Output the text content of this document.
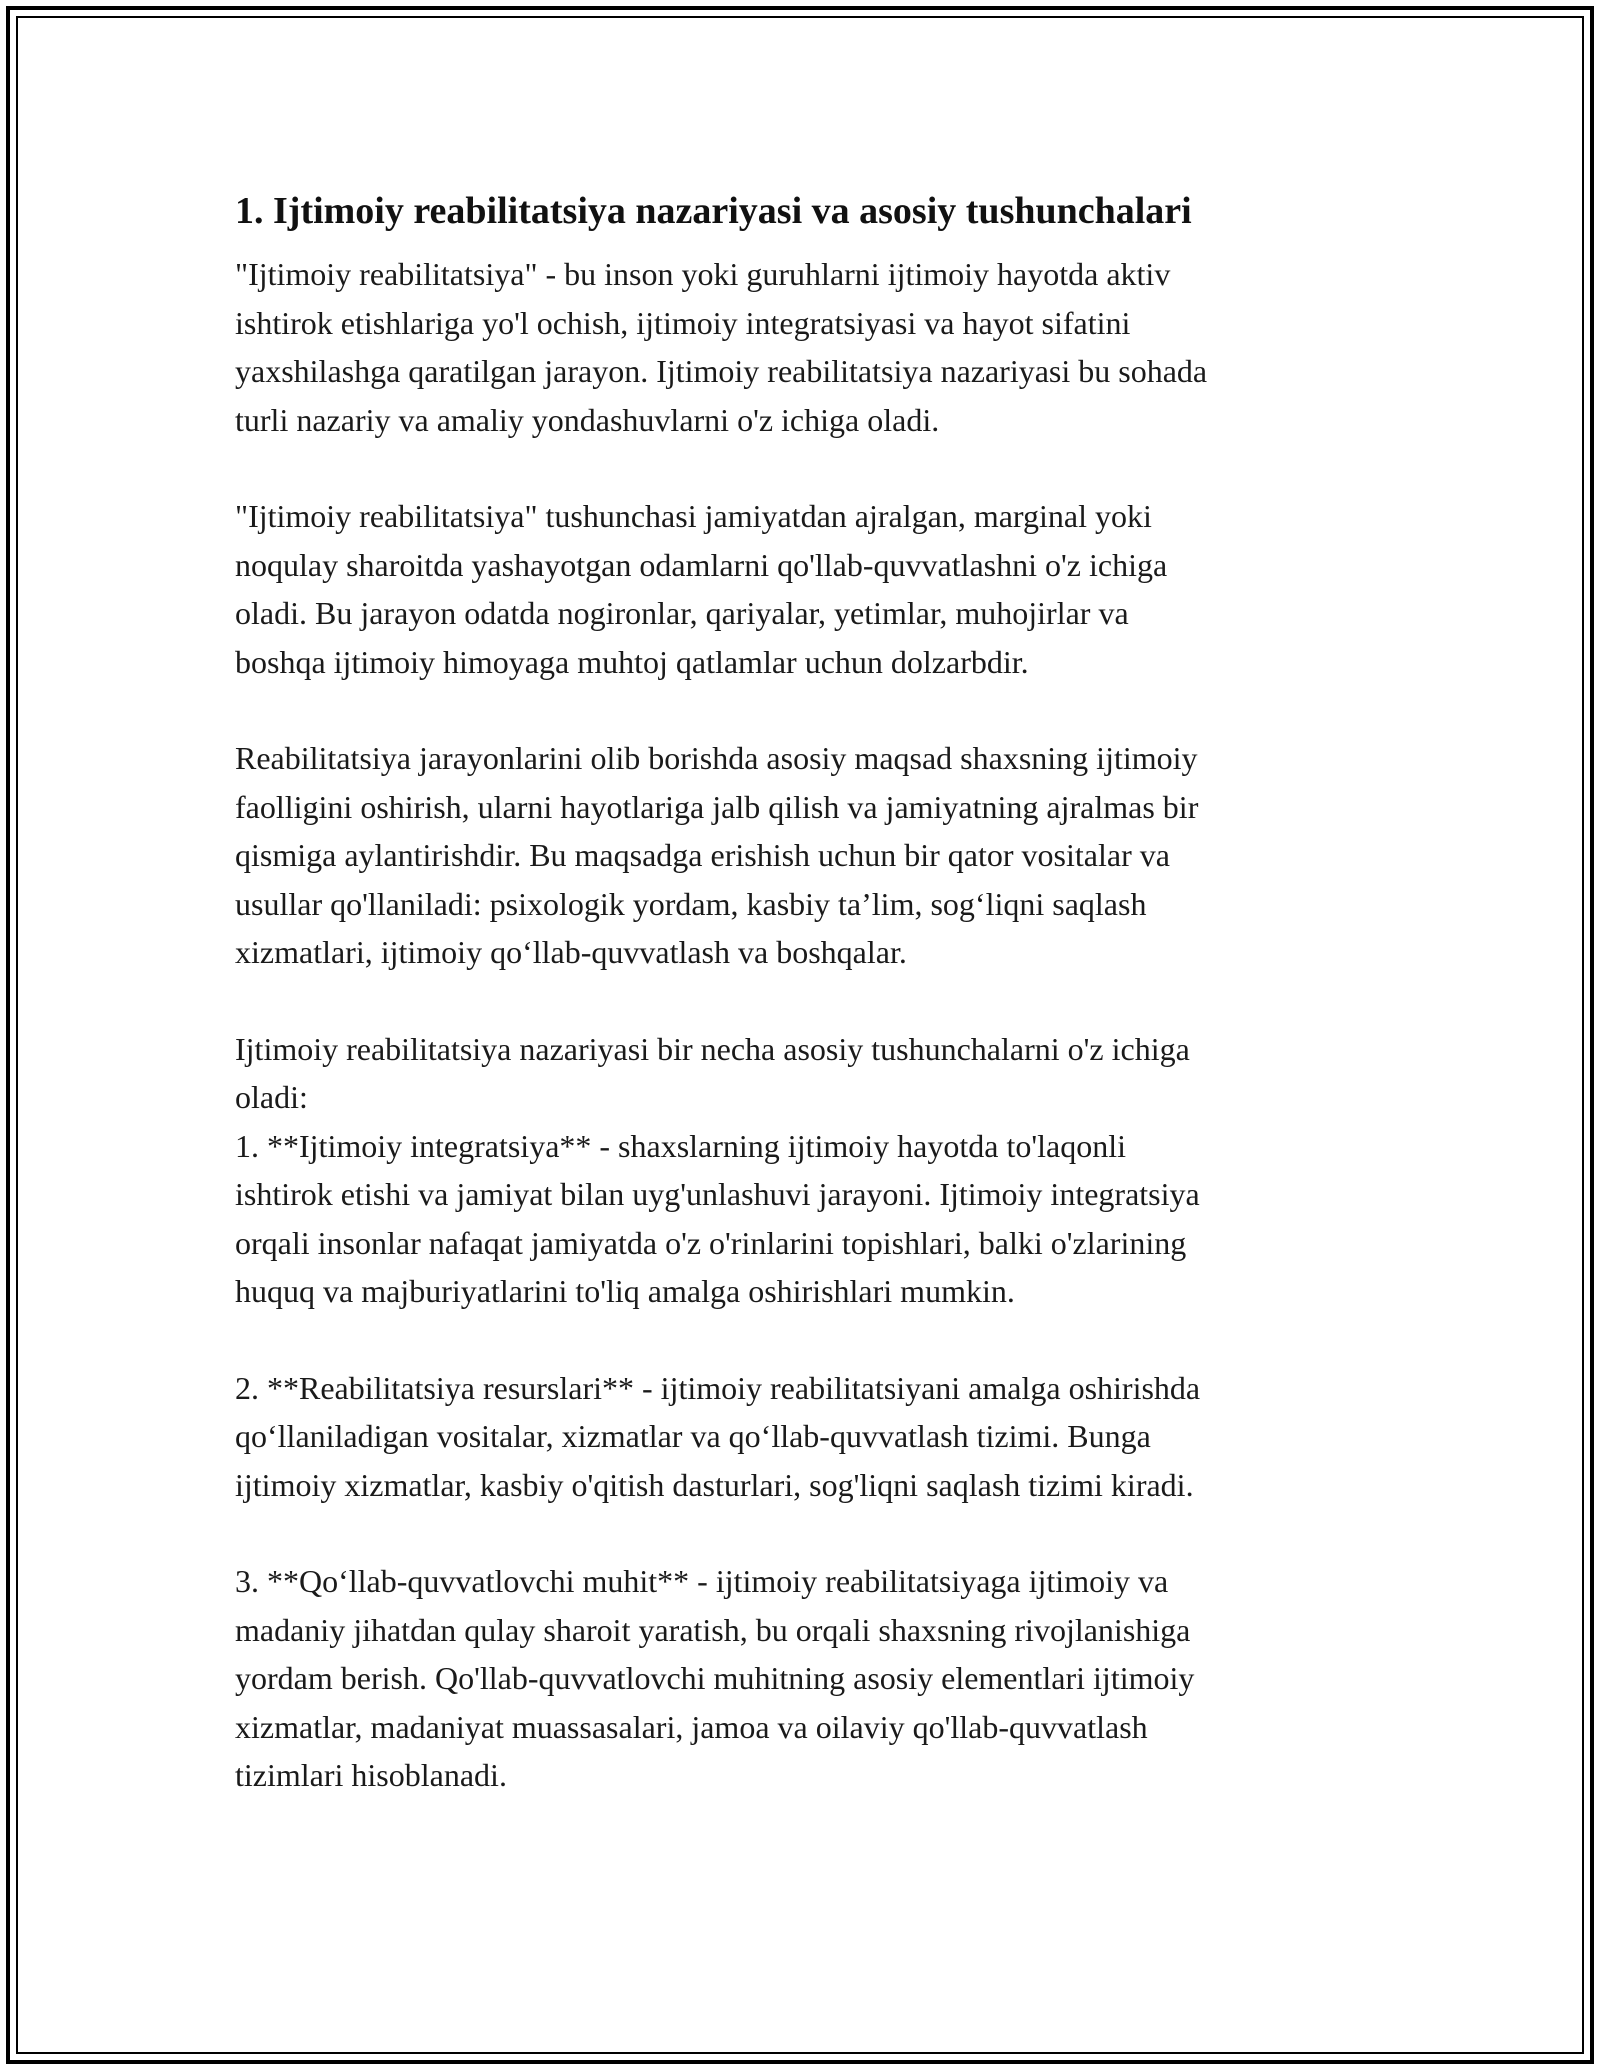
1. Ijtimoiy reabilitatsiya nazariyasi va asosiy tushunchalari
"Ijtimoiy reabilitatsiya" - bu inson yoki guruhlarni ijtimoiy hayotda aktiv
ishtirok etishlariga yo'l ochish, ijtimoiy integratsiyasi va hayot sifatini
yaxshilashga qaratilgan jarayon. Ijtimoiy reabilitatsiya nazariyasi bu sohada
turli nazariy va amaliy yondashuvlarni o'z ichiga oladi.
"Ijtimoiy reabilitatsiya" tushunchasi jamiyatdan ajralgan, marginal yoki
noqulay sharoitda yashayotgan odamlarni qo'llab-quvvatlashni o'z ichiga
oladi. Bu jarayon odatda nogironlar, qariyalar, yetimlar, muhojirlar va
boshqa ijtimoiy himoyaga muhtoj qatlamlar uchun dolzarbdir.
Reabilitatsiya jarayonlarini olib borishda asosiy maqsad shaxsning ijtimoiy
faolligini oshirish, ularni hayotlariga jalb qilish va jamiyatning ajralmas bir
qismiga aylantirishdir. Bu maqsadga erishish uchun bir qator vositalar va
usullar qo'llaniladi: psixologik yordam, kasbiy ta’lim, sog‘liqni saqlash
xizmatlari, ijtimoiy qo‘llab-quvvatlash va boshqalar.
Ijtimoiy reabilitatsiya nazariyasi bir necha asosiy tushunchalarni o'z ichiga
oladi:
1. **Ijtimoiy integratsiya** - shaxslarning ijtimoiy hayotda to'laqonli
ishtirok etishi va jamiyat bilan uyg'unlashuvi jarayoni. Ijtimoiy integratsiya
orqali insonlar nafaqat jamiyatda o'z o'rinlarini topishlari, balki o'zlarining
huquq va majburiyatlarini to'liq amalga oshirishlari mumkin.
2. **Reabilitatsiya resurslari** - ijtimoiy reabilitatsiyani amalga oshirishda
qo‘llaniladigan vositalar, xizmatlar va qo‘llab-quvvatlash tizimi. Bunga
ijtimoiy xizmatlar, kasbiy o'qitish dasturlari, sog'liqni saqlash tizimi kiradi.
3. **Qo‘llab-quvvatlovchi muhit** - ijtimoiy reabilitatsiyaga ijtimoiy va
madaniy jihatdan qulay sharoit yaratish, bu orqali shaxsning rivojlanishiga
yordam berish. Qo'llab-quvvatlovchi muhitning asosiy elementlari ijtimoiy
xizmatlar, madaniyat muassasalari, jamoa va oilaviy qo'llab-quvvatlash
tizimlari hisoblanadi.
